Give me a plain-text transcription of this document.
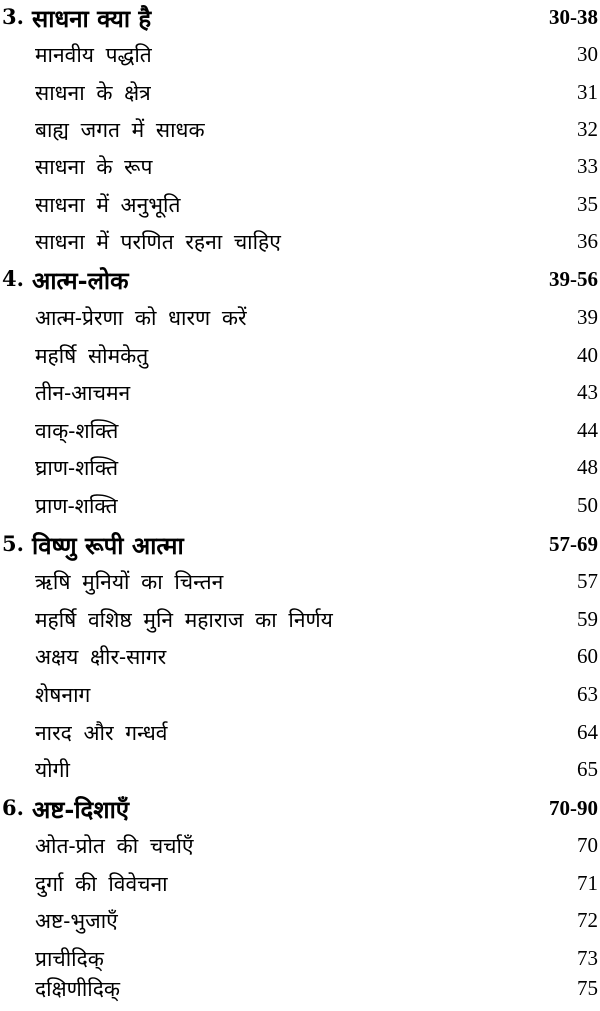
3. साधना क्या है	30-38
मानवीय पद्धति	30
साधना के क्षेत्र	31
बाह्य जगत में साधक	32
साधना के रूप	33
साधना में अनुभूति	35
साधना में परणित रहना चाहिए	36
4. आत्म-लोक	39-56
आत्म-प्रेरणा को धारण करें	39
महर्षि सोमकेतु	40
तीन-आचमन	43
वाक्-शक्ति	44
घ्राण-शक्ति	48
प्राण-शक्ति	50
5. विष्णु रूपी आत्मा	57-69
ऋषि मुनियों का चिन्तन	57
महर्षि वशिष्ठ मुनि महाराज का निर्णय	59
अक्षय क्षीर-सागर	60
शेषनाग	63
नारद और गन्धर्व	64
योगी	65
6. अष्ट-दिशाएँ	70-90
ओत-प्रोत की चर्चाएँ	70
दुर्गा की विवेचना	71
अष्ट-भुजाएँ	72
प्राचीदिक्	73
दक्षिणीदिक्	75
